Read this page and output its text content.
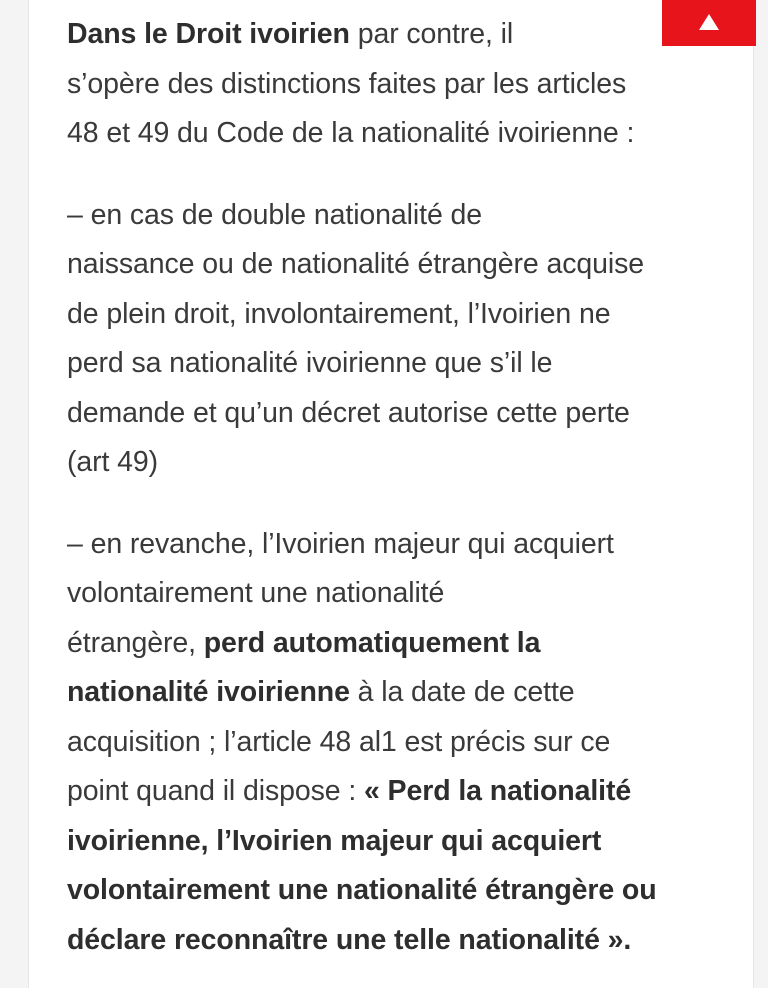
Dans le Droit ivoirien par contre, il
s’opère des distinctions faites par les articles
48 et 49 du Code de la nationalité ivoirienne :

– en cas de double nationalité de
naissance ou de nationalité étrangère acquise
de plein droit, involontairement, l’Ivoirien ne
perd sa nationalité ivoirienne que s’il le
demande et qu’un décret autorise cette perte
(art 49)

– en revanche, l’Ivoirien majeur qui acquiert
volontairement une nationalité
étrangère, perd automatiquement la
nationalité ivoirienne à la date de cette
acquisition ; l’article 48 al1 est précis sur ce
point quand il dispose : « Perd la nationalité
ivoirienne, l’Ivoirien majeur qui acquiert
volontairement une nationalité étrangère ou
déclare reconnaître une telle nationalité ».
